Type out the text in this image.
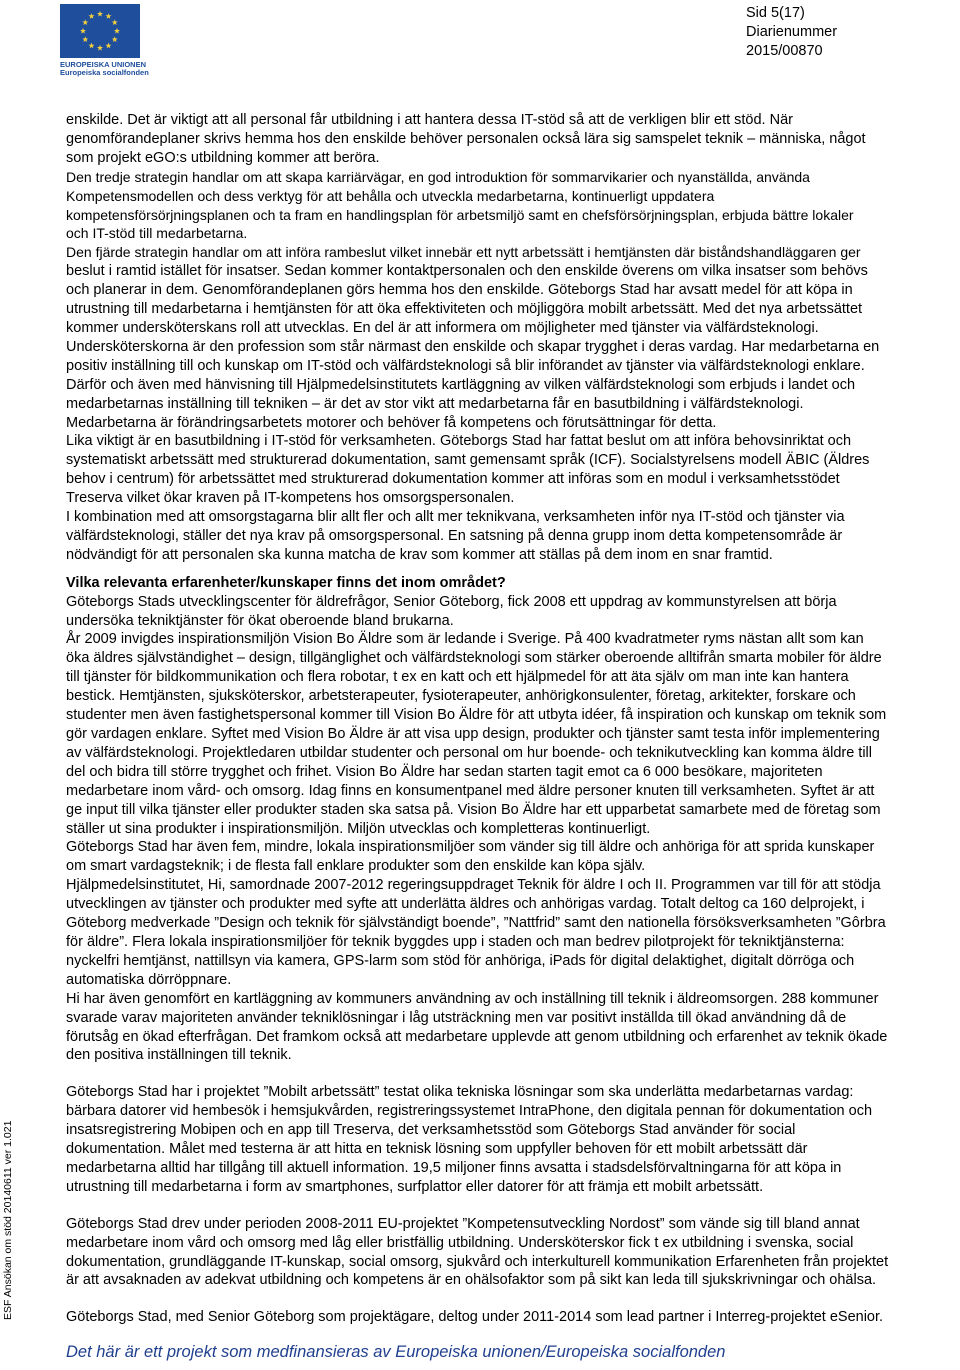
EUROPEISKA UNIONEN
Europeiska socialfonden
Sid 5(17)
Diarienummer
2015/00870
ESF Ansökan om stöd 20140611 ver 1.021

enskilde. Det är viktigt att all personal får utbildning i att hantera dessa IT-stöd så att de verkligen blir ett stöd. När

genomförandeplaner skrivs hemma hos den enskilde behöver personalen också lära sig samspelet teknik – människa, något

som projekt eGO:s utbildning kommer att beröra.

Den tredje strategin handlar om att skapa karriärvägar, en god introduktion för sommarvikarier och nyanställda, använda

Kompetensmodellen och dess verktyg för att behålla och utveckla medarbetarna, kontinuerligt uppdatera

kompetensförsörjningsplanen och ta fram en handlingsplan för arbetsmiljö samt en chefsförsörjningsplan, erbjuda bättre lokaler

och IT-stöd till medarbetarna.

Den fjärde strategin handlar om att införa rambeslut vilket innebär ett nytt arbetssätt i hemtjänsten där biståndshandläggaren ger

beslut i ramtid istället för insatser. Sedan kommer kontaktpersonalen och den enskilde överens om vilka insatser som behövs

och planerar in dem. Genomförandeplanen görs hemma hos den enskilde. Göteborgs Stad har avsatt medel för att köpa in

utrustning till medarbetarna i hemtjänsten för att öka effektiviteten och möjliggöra mobilt arbetssätt. Med det nya arbetssättet

kommer undersköterskans roll att utvecklas. En del är att informera om möjligheter med tjänster via välfärdsteknologi.

Undersköterskorna är den profession som står närmast den enskilde och skapar trygghet i deras vardag. Har medarbetarna en

positiv inställning till och kunskap om IT-stöd och välfärdsteknologi så blir införandet av tjänster via välfärdsteknologi enklare.

Därför och även med hänvisning till Hjälpmedelsinstitutets kartläggning av vilken välfärdsteknologi som erbjuds i landet och

medarbetarnas inställning till tekniken – är det av stor vikt att medarbetarna får en basutbildning i välfärdsteknologi.

Medarbetarna är förändringsarbetets motorer och behöver få kompetens och förutsättningar för detta.

Lika viktigt är en basutbildning i IT-stöd för verksamheten. Göteborgs Stad har fattat beslut om att införa behovsinriktat och

systematiskt arbetssätt med strukturerad dokumentation, samt gemensamt språk (ICF). Socialstyrelsens modell ÄBIC (Äldres

behov i centrum) för arbetssättet med strukturerad dokumentation kommer att införas som en modul i verksamhetsstödet

Treserva vilket ökar kraven på IT-kompetens hos omsorgspersonalen.

I kombination med att omsorgstagarna blir allt fler och allt mer teknikvana, verksamheten inför nya IT-stöd och tjänster via

välfärdsteknologi, ställer det nya krav på omsorgspersonal. En satsning på denna grupp inom detta kompetensområde är

nödvändigt för att personalen ska kunna matcha de krav som kommer att ställas på dem inom en snar framtid.

Vilka relevanta erfarenheter/kunskaper finns det inom området?

Göteborgs Stads utvecklingscenter för äldrefrågor, Senior Göteborg, fick 2008 ett uppdrag av kommunstyrelsen att börja

undersöka tekniktjänster för ökat oberoende bland brukarna.

År 2009 invigdes inspirationsmiljön Vision Bo Äldre som är ledande i Sverige. På 400 kvadratmeter ryms nästan allt som kan

öka äldres självständighet – design, tillgänglighet och välfärdsteknologi som stärker oberoende alltifrån smarta mobiler för äldre

till tjänster för bildkommunikation och flera robotar, t ex en katt och ett hjälpmedel för att äta själv om man inte kan hantera

bestick. Hemtjänsten, sjuksköterskor, arbetsterapeuter, fysioterapeuter, anhörigkonsulenter, företag, arkitekter, forskare och

studenter men även fastighetspersonal kommer till Vision Bo Äldre för att utbyta idéer, få inspiration och kunskap om teknik som

gör vardagen enklare. Syftet med Vision Bo Äldre är att visa upp design, produkter och tjänster samt testa inför implementering

av välfärdsteknologi. Projektledaren utbildar studenter och personal om hur boende- och teknikutveckling kan komma äldre till

del och bidra till större trygghet och frihet. Vision Bo Äldre har sedan starten tagit emot ca 6 000 besökare, majoriteten

medarbetare inom vård- och omsorg. Idag finns en konsumentpanel med äldre personer knuten till verksamheten. Syftet är att

ge input till vilka tjänster eller produkter staden ska satsa på. Vision Bo Äldre har ett upparbetat samarbete med de företag som

ställer ut sina produkter i inspirationsmiljön. Miljön utvecklas och kompletteras kontinuerligt.

Göteborgs Stad har även fem, mindre, lokala inspirationsmiljöer som vänder sig till äldre och anhöriga för att sprida kunskaper

om smart vardagsteknik; i de flesta fall enklare produkter som den enskilde kan köpa själv.

Hjälpmedelsinstitutet, Hi, samordnade 2007-2012 regeringsuppdraget Teknik för äldre I och II. Programmen var till för att stödja

utvecklingen av tjänster och produkter med syfte att underlätta äldres och anhörigas vardag. Totalt deltog ca 160 delprojekt, i

Göteborg medverkade ”Design och teknik för självständigt boende”, ”Nattfrid” samt den nationella försöksverksamheten ”Gôrbra

för äldre”. Flera lokala inspirationsmiljöer för teknik byggdes upp i staden och man bedrev pilotprojekt för tekniktjänsterna:

nyckelfri hemtjänst, nattillsyn via kamera, GPS-larm som stöd för anhöriga, iPads för digital delaktighet, digitalt dörröga och

automatiska dörröppnare.

Hi har även genomfört en kartläggning av kommuners användning av och inställning till teknik i äldreomsorgen. 288 kommuner

svarade varav majoriteten använder tekniklösningar i låg utsträckning men var positivt inställda till ökad användning då de

förutsåg en ökad efterfrågan. Det framkom också att medarbetare upplevde att genom utbildning och erfarenhet av teknik ökade

den positiva inställningen till teknik.

Göteborgs Stad har i projektet ”Mobilt arbetssätt” testat olika tekniska lösningar som ska underlätta medarbetarnas vardag:

bärbara datorer vid hembesök i hemsjukvården, registreringssystemet IntraPhone, den digitala pennan för dokumentation och

insatsregistrering Mobipen och en app till Treserva, det verksamhetsstöd som Göteborgs Stad använder för social

dokumentation. Målet med testerna är att hitta en teknisk lösning som uppfyller behoven för ett mobilt arbetssätt där

medarbetarna alltid har tillgång till aktuell information. 19,5 miljoner finns avsatta i stadsdelsförvaltningarna för att köpa in

utrustning till medarbetarna i form av smartphones, surfplattor eller datorer för att främja ett mobilt arbetssätt.

Göteborgs Stad drev under perioden 2008-2011 EU-projektet ”Kompetensutveckling Nordost” som vände sig till bland annat

medarbetare inom vård och omsorg med låg eller bristfällig utbildning. Undersköterskor fick t ex utbildning i svenska, social

dokumentation, grundläggande IT-kunskap, social omsorg, sjukvård och interkulturell kommunikation Erfarenheten från projektet

är att avsaknaden av adekvat utbildning och kompetens är en ohälsofaktor som på sikt kan leda till sjukskrivningar och ohälsa.

Göteborgs Stad, med Senior Göteborg som projektägare, deltog under 2011-2014 som lead partner i Interreg-projektet eSenior.

Det här är ett projekt som medfinansieras av Europeiska unionen/Europeiska socialfonden
